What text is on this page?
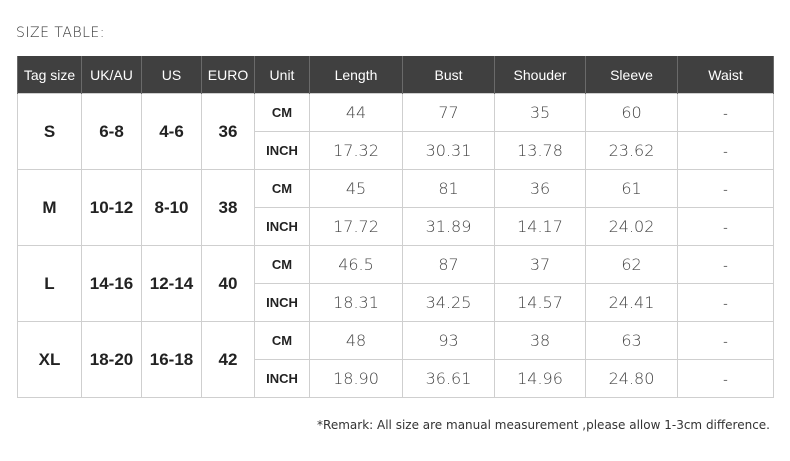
SIZE TABLE:
Tag size	UK/AU	US	EURO	Unit	Length	Bust	Shouder	Sleeve	Waist
S	6-8	4-6	36	CM	44	77	35	60	-
				INCH	17.32	30.31	13.78	23.62	-
M	10-12	8-10	38	CM	45	81	36	61	-
				INCH	17.72	31.89	14.17	24.02	-
L	14-16	12-14	40	CM	46.5	87	37	62	-
				INCH	18.31	34.25	14.57	24.41	-
XL	18-20	16-18	42	CM	48	93	38	63	-
				INCH	18.90	36.61	14.96	24.80	-
*Remark: All size are manual measurement ,please allow 1-3cm difference.
